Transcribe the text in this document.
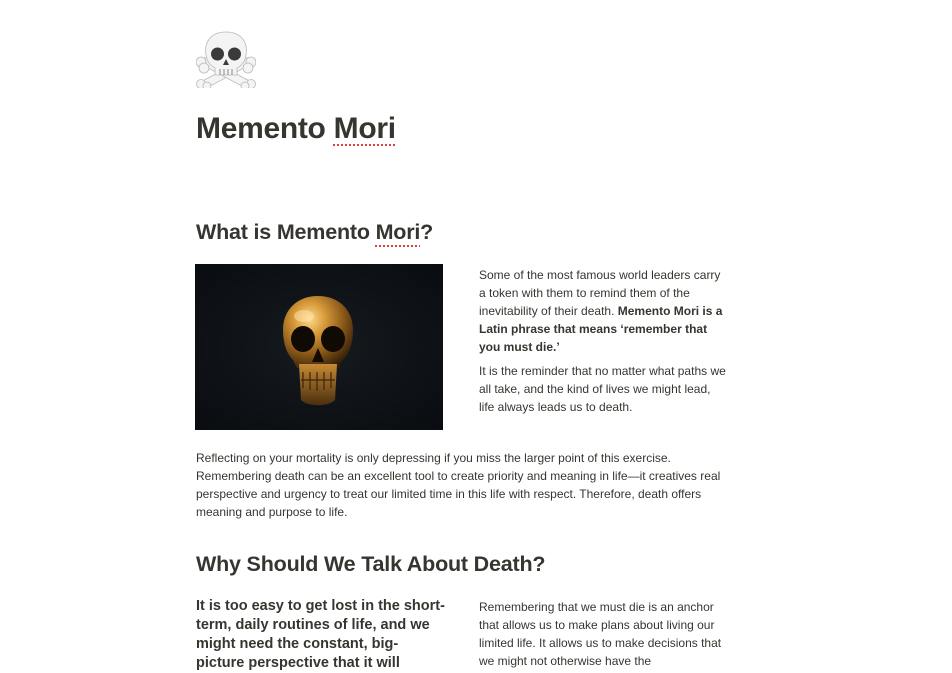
Memento Mori
What is Memento Mori?

Some of the most famous world leaders carry a token with them to remind them of the inevitability of their death. Memento Mori is a Latin phrase that means ‘remember that you must die.’

It is the reminder that no matter what paths we all take, and the kind of lives we might lead, life always leads us to death.

Reflecting on your mortality is only depressing if you miss the larger point of this exercise. Remembering death can be an excellent tool to create priority and meaning in life—it creatives real perspective and urgency to treat our limited time in this life with respect. Therefore, death offers meaning and purpose to life.

Why Should We Talk About Death?

It is too easy to get lost in the short-term, daily routines of life, and we might need the constant, big-picture perspective that it will

Remembering that we must die is an anchor that allows us to make plans about living our limited life. It allows us to make decisions that we might not otherwise have the
